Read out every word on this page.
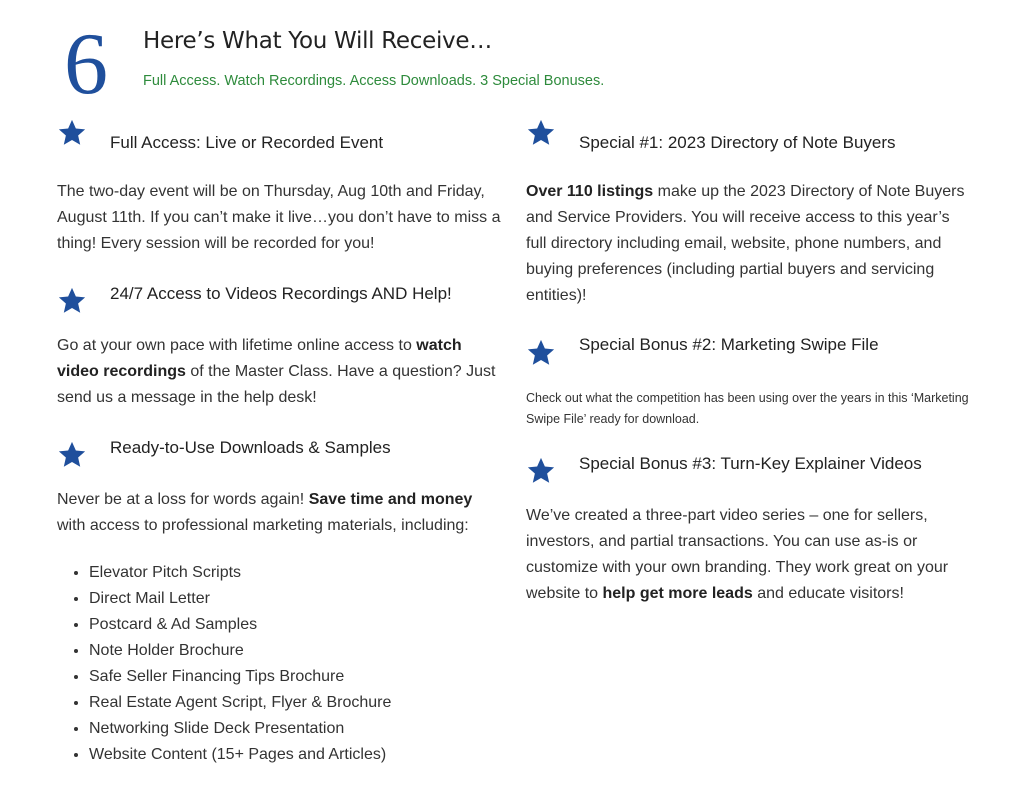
6 Here’s What You Will Receive…

Full Access. Watch Recordings. Access Downloads. 3 Special Bonuses.

Full Access: Live or Recorded Event

The two-day event will be on Thursday, Aug 10th and Friday, August 11th. If you can’t make it live…you don’t have to miss a thing! Every session will be recorded for you!

24/7 Access to Videos Recordings AND Help!

Go at your own pace with lifetime online access to watch video recordings of the Master Class. Have a question? Just send us a message in the help desk!

Ready-to-Use Downloads & Samples

Never be at a loss for words again! Save time and money with access to professional marketing materials, including:

• Elevator Pitch Scripts
• Direct Mail Letter
• Postcard & Ad Samples
• Note Holder Brochure
• Safe Seller Financing Tips Brochure
• Real Estate Agent Script, Flyer & Brochure
• Networking Slide Deck Presentation
• Website Content (15+ Pages and Articles)
Special #1: 2023 Directory of Note Buyers

Over 110 listings make up the 2023 Directory of Note Buyers and Service Providers. You will receive access to this year’s full directory including email, website, phone numbers, and buying preferences (including partial buyers and servicing entities)!

Special Bonus #2: Marketing Swipe File

Check out what the competition has been using over the years in this ‘Marketing Swipe File’ ready for download.

Special Bonus #3: Turn-Key Explainer Videos

We’ve created a three-part video series – one for sellers, investors, and partial transactions. You can use as-is or customize with your own branding. They work great on your website to help get more leads and educate visitors!
